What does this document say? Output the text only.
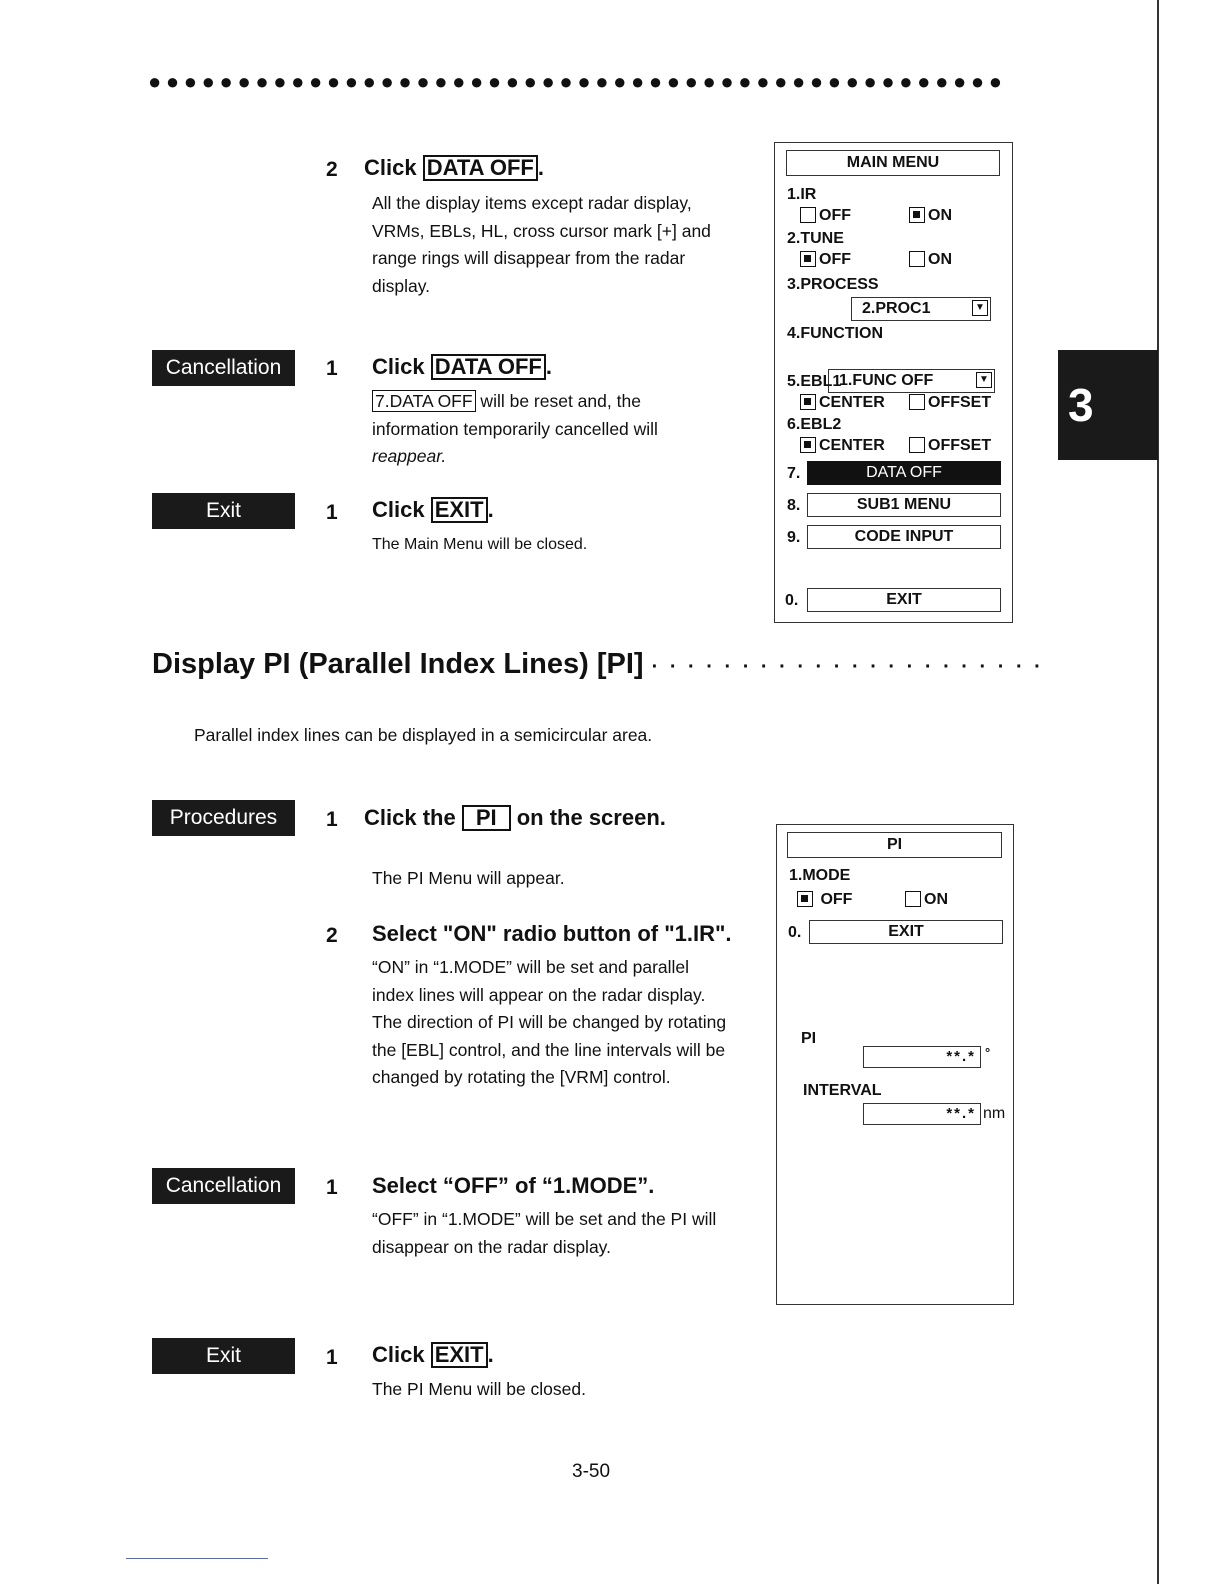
●●●●●●●●●●●●●●●●●●●●●●●●●●●●●●●●●●●●●●●●●●●●●●●●
3
2 Click DATA OFF .
All the display items except radar display,
VRMs, EBLs, HL, cross cursor mark [+] and
range rings will disappear from the radar
display.
Cancellation	1 Click DATA OFF .
7.DATA OFF will be reset and, the
information temporarily cancelled will
reappear.
Exit	1 Click EXIT .
The Main Menu will be closed.
MAIN MENU
1.IR
OFF	ON
2.TUNE
OFF	ON
3.PROCESS
2.PROC1	▼
4.FUNCTION
1.FUNC OFF	▼
5.EBL1
CENTER	OFFSET
6.EBL2
CENTER	OFFSET
7.	DATA OFF
8.	SUB1 MENU
9.	CODE INPUT
0.	EXIT
Display PI (Parallel Index Lines) [PI] · · · · · · · · · · · · · · · · · · · · · ·
Parallel index lines can be displayed in a semicircular area.
Procedures	1 Click the PI on the screen.
The PI Menu will appear.
2 Select "ON" radio button of "1.IR".
“ON” in “1.MODE” will be set and parallel
index lines will appear on the radar display.
The direction of PI will be changed by rotating
the [EBL] control, and the line intervals will be
changed by rotating the [VRM] control.
Cancellation	1 Select “OFF” of “1.MODE”.
“OFF” in “1.MODE” will be set and the PI will
disappear on the radar display.
Exit	1 Click EXIT .
The PI Menu will be closed.
PI
1.MODE
OFF	ON
0.	EXIT
PI
**.* °
INTERVAL
**.* nm
3-50
